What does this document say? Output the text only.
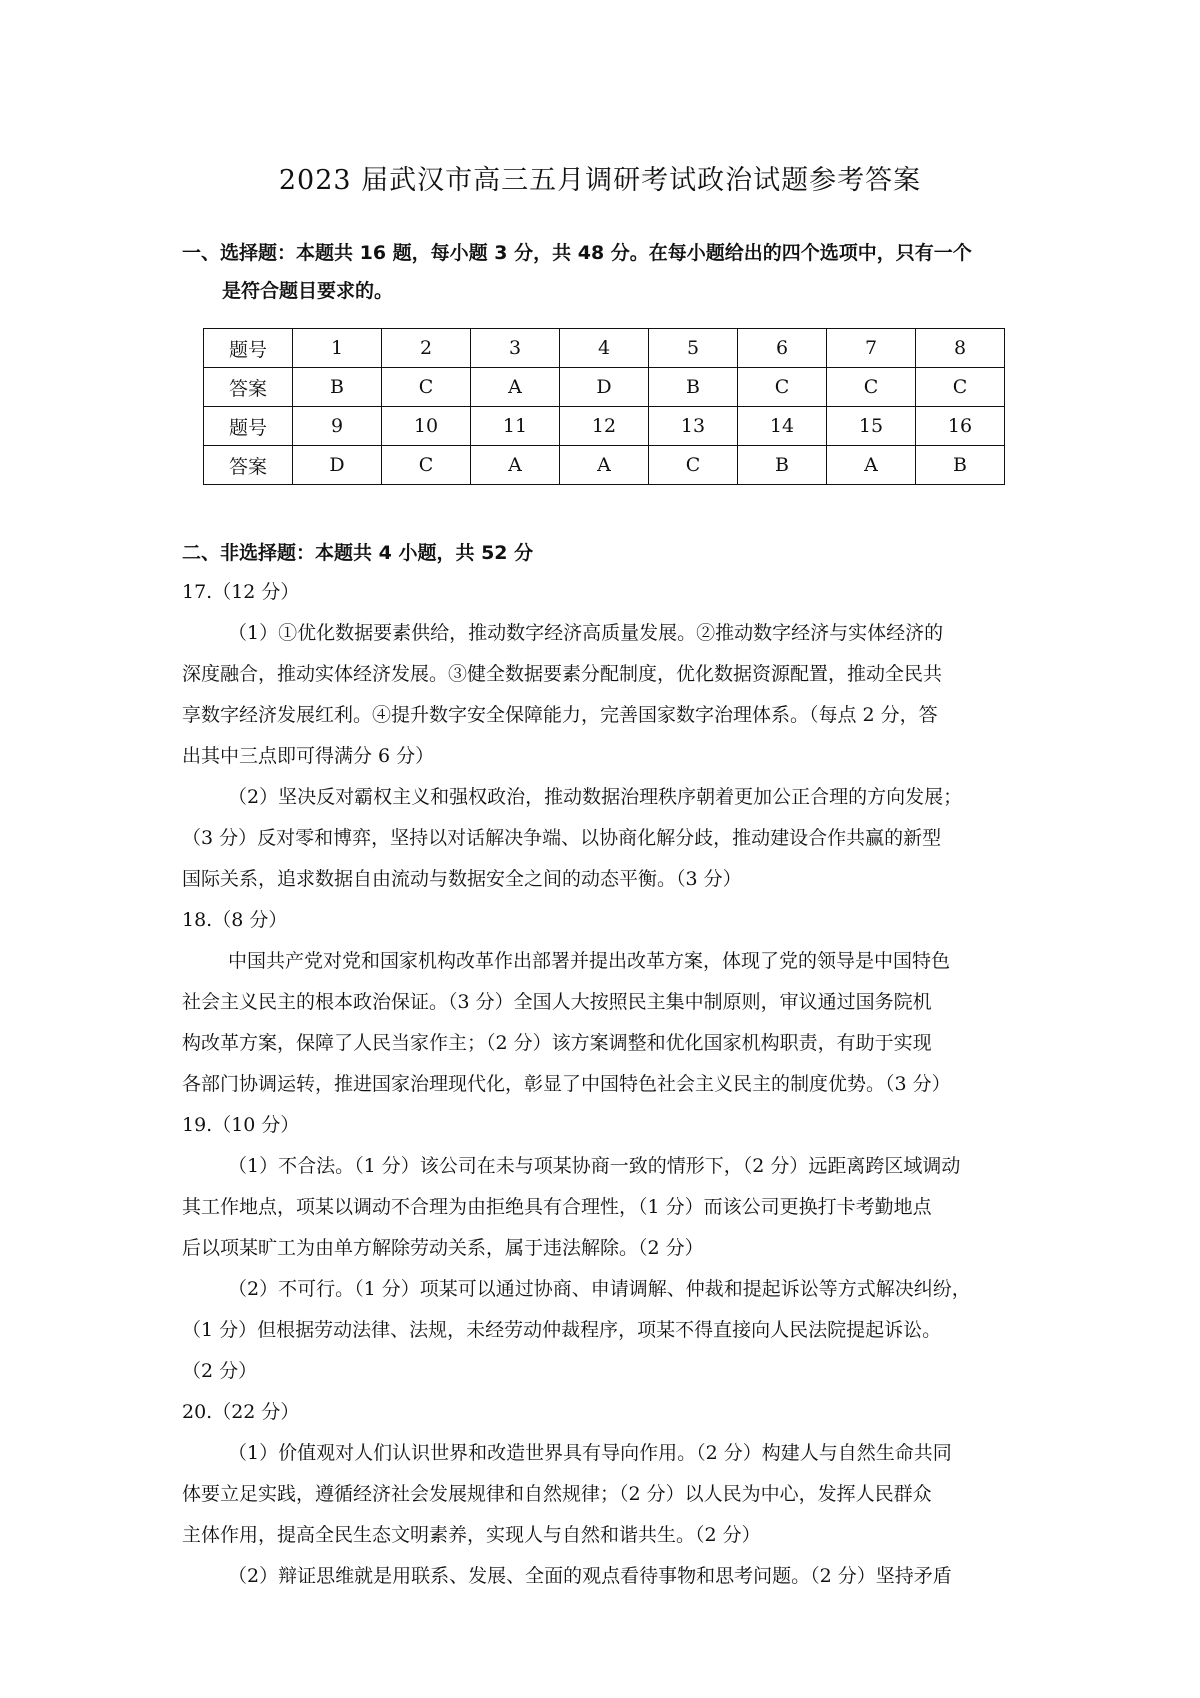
2023 届武汉市高三五月调研考试政治试题参考答案
一、选择题：本题共 16 题，每小题 3 分，共 48 分。在每小题给出的四个选项中，只有一个
是符合题目要求的。
题号	1	2	3	4	5	6	7	8
答案	B	C	A	D	B	C	C	C
题号	9	10	11	12	13	14	15	16
答案	D	C	A	A	C	B	A	B
二、非选择题：本题共 4 小题，共 52 分
17.（12 分）
（1）①优化数据要素供给，推动数字经济高质量发展。②推动数字经济与实体经济的
深度融合，推动实体经济发展。③健全数据要素分配制度，优化数据资源配置，推动全民共
享数字经济发展红利。④提升数字安全保障能力，完善国家数字治理体系。（每点 2 分，答
出其中三点即可得满分 6 分）
（2）坚决反对霸权主义和强权政治，推动数据治理秩序朝着更加公正合理的方向发展；
（3 分）反对零和博弈，坚持以对话解决争端、以协商化解分歧，推动建设合作共赢的新型
国际关系，追求数据自由流动与数据安全之间的动态平衡。（3 分）
18.（8 分）
中国共产党对党和国家机构改革作出部署并提出改革方案，体现了党的领导是中国特色
社会主义民主的根本政治保证。（3 分）全国人大按照民主集中制原则，审议通过国务院机
构改革方案，保障了人民当家作主；（2 分）该方案调整和优化国家机构职责，有助于实现
各部门协调运转，推进国家治理现代化，彰显了中国特色社会主义民主的制度优势。（3 分）
19.（10 分）
（1）不合法。（1 分）该公司在未与项某协商一致的情形下，（2 分）远距离跨区域调动
其工作地点，项某以调动不合理为由拒绝具有合理性，（1 分）而该公司更换打卡考勤地点
后以项某旷工为由单方解除劳动关系，属于违法解除。（2 分）
（2）不可行。（1 分）项某可以通过协商、申请调解、仲裁和提起诉讼等方式解决纠纷，
（1 分）但根据劳动法律、法规，未经劳动仲裁程序，项某不得直接向人民法院提起诉讼。
（2 分）
20.（22 分）
（1）价值观对人们认识世界和改造世界具有导向作用。（2 分）构建人与自然生命共同
体要立足实践，遵循经济社会发展规律和自然规律；（2 分）以人民为中心，发挥人民群众
主体作用，提高全民生态文明素养，实现人与自然和谐共生。（2 分）
（2）辩证思维就是用联系、发展、全面的观点看待事物和思考问题。（2 分）坚持矛盾
